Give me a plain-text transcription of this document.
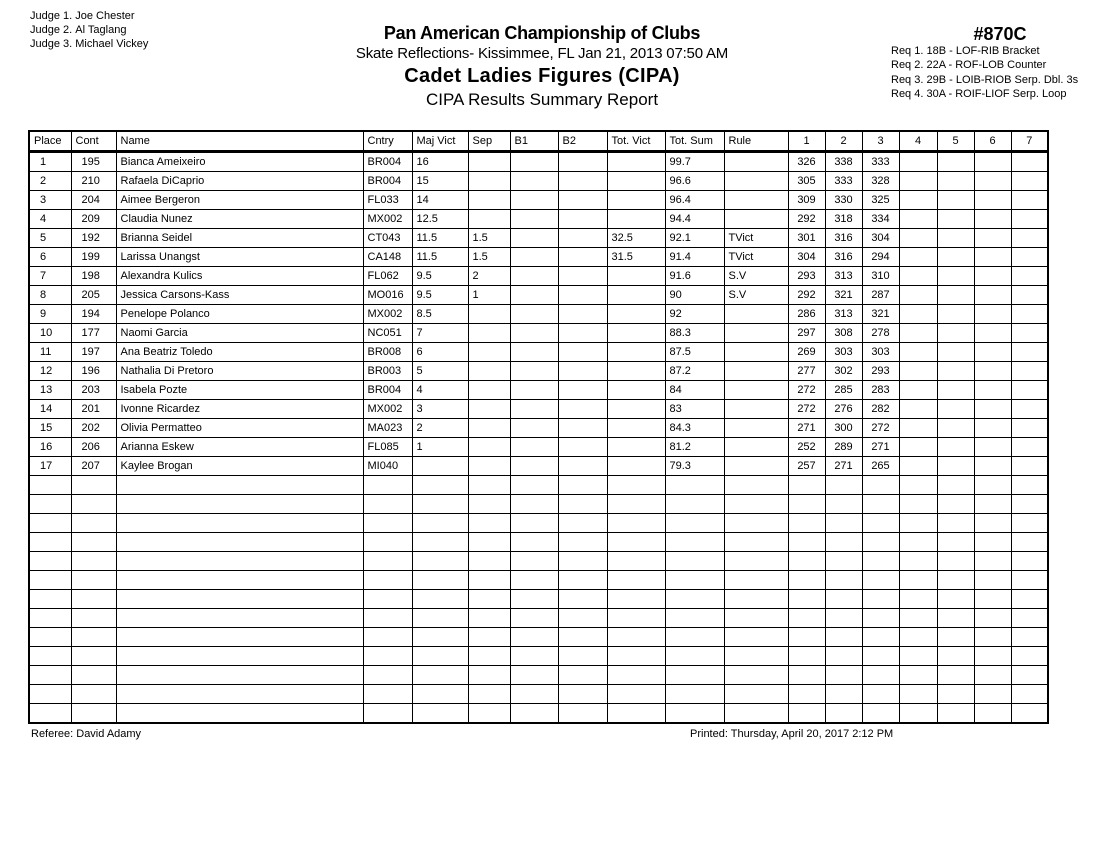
Judge 1. Joe Chester
Judge 2. Al Taglang
Judge 3. Michael Vickey
Pan American Championship of Clubs
Skate Reflections- Kissimmee, FL Jan 21, 2013 07:50 AM
Cadet Ladies Figures (CIPA)
CIPA Results Summary Report
#870C
Req 1. 18B - LOF-RIB Bracket
Req 2. 22A - ROF-LOB Counter
Req 3. 29B - LOIB-RIOB Serp. Dbl. 3s
Req 4. 30A - ROIF-LIOF Serp. Loop
Place	Cont	Name	Cntry	Maj Vict	Sep	B1	B2	Tot. Vict	Tot. Sum	Rule	1	2	3	4	5	6	7
1	195	Bianca Ameixeiro	BR004	16					99.7		326	338	333				
2	210	Rafaela DiCaprio	BR004	15					96.6		305	333	328				
3	204	Aimee Bergeron	FL033	14					96.4		309	330	325				
4	209	Claudia Nunez	MX002	12.5					94.4		292	318	334				
5	192	Brianna Seidel	CT043	11.5	1.5			32.5	92.1	TVict	301	316	304				
6	199	Larissa Unangst	CA148	11.5	1.5			31.5	91.4	TVict	304	316	294				
7	198	Alexandra Kulics	FL062	9.5	2				91.6	S.V	293	313	310				
8	205	Jessica Carsons-Kass	MO016	9.5	1				90	S.V	292	321	287				
9	194	Penelope Polanco	MX002	8.5					92		286	313	321				
10	177	Naomi Garcia	NC051	7					88.3		297	308	278				
11	197	Ana Beatriz Toledo	BR008	6					87.5		269	303	303				
12	196	Nathalia Di Pretoro	BR003	5					87.2		277	302	293				
13	203	Isabela Pozte	BR004	4					84		272	285	283				
14	201	Ivonne Ricardez	MX002	3					83		272	276	282				
15	202	Olivia Permatteo	MA023	2					84.3		271	300	272				
16	206	Arianna Eskew	FL085	1					81.2		252	289	271				
17	207	Kaylee Brogan	MI040						79.3		257	271	265				

Referee: David Adamy	Printed: Thursday, April 20, 2017 2:12 PM
